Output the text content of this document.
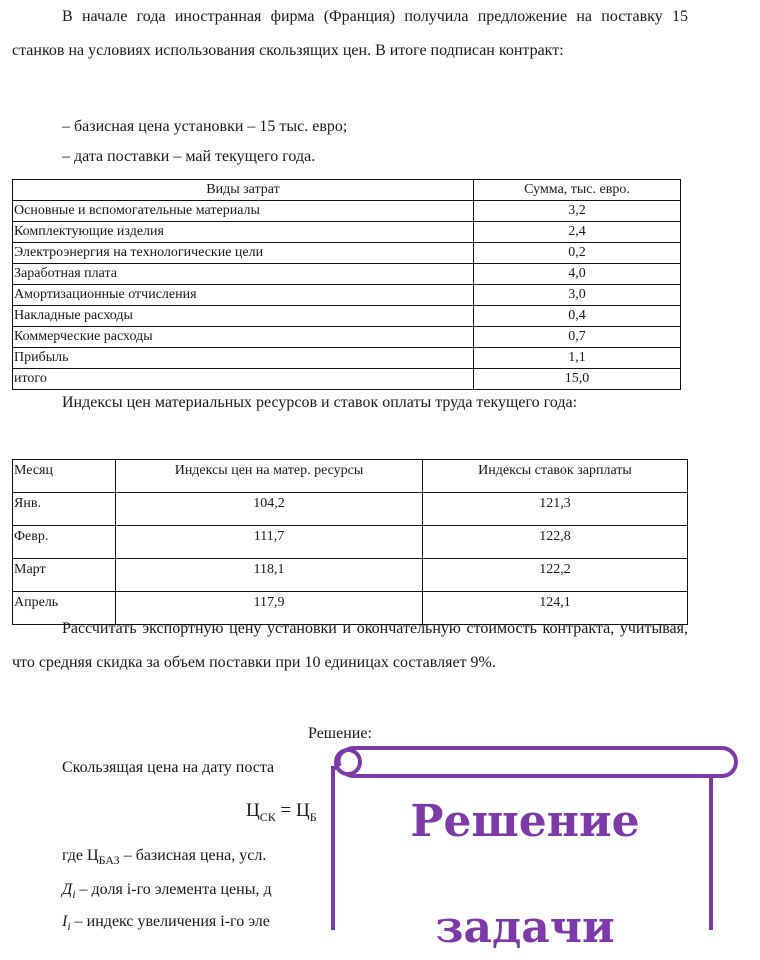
В начале года иностранная фирма (Франция) получила предложение на поставку 15 станков на условиях использования скользящих цен. В итоге подписан контракт:
– базисная цена установки – 15 тыс. евро;
– дата поставки – май текущего года.
Виды затрат	Сумма, тыс. евро.
Основные и вспомогательные материалы	3,2
Комплектующие изделия	2,4
Электроэнергия на технологические цели	0,2
Заработная плата	4,0
Амортизационные отчисления	3,0
Накладные расходы	0,4
Коммерческие расходы	0,7
Прибыль	1,1
итого	15,0
Индексы цен материальных ресурсов и ставок оплаты труда текущего года:
Месяц	Индексы цен на матер. ресурсы	Индексы ставок зарплаты
Янв.	104,2	121,3
Февр.	111,7	122,8
Март	118,1	122,2
Апрель	117,9	124,1
Рассчитать экспортную цену установки и окончательную стоимость контракта, учитывая, что средняя скидка за объем поставки при 10 единицах составляет 9%.
Решение:
Скользящая цена на дату поста
$Ц_{СК} = Ц_Б$
где $Ц_{БАЗ}$ – базисная цена, усл.
$Д_i$ – доля i-го элемента цены, д
$I_i$ – индекс увеличения i-го эле
Решение
задачи
